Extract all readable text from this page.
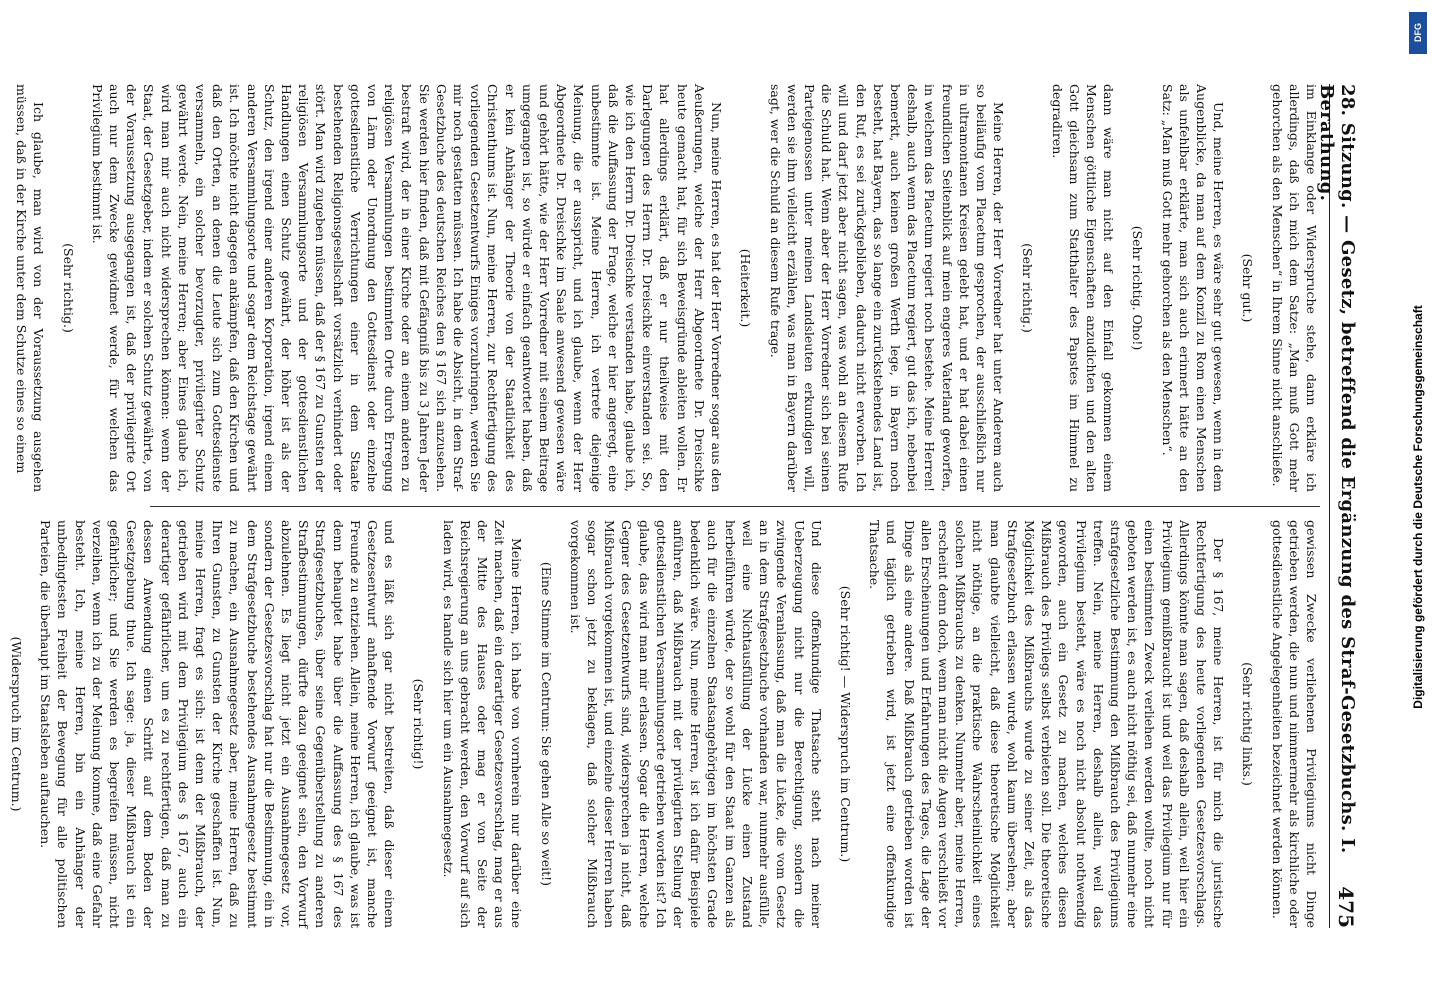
28. Sitzung. — Gesetz, betreffend die Ergänzung des Straf-Gesetzbuchs. I. Berathung.
475

im Einklange oder Widerspruche stehe, dann erkläre ich allerdings, daß ich mich dem Satze: „Man muß Gott mehr gehorchen als den Menschen“ in Ihrem Sinne nicht anschließe.

(Sehr gut.)

Und, meine Herren, es wäre sehr gut gewesen, wenn in dem Augenblicke, da man auf dem Konzil zu Rom einen Menschen als unfehlbar erklärte, man sich auch erinnert hätte an den Satz: „Man muß Gott mehr gehorchen als den Menschen“.

(Sehr richtig. Oho!)

dann wäre man nicht auf den Einfall gekommen einem Menschen göttliche Eigenschaften anzudichten und den alten Gott gleichsam zum Statthalter des Papstes im Himmel zu degradiren.

(Sehr richtig.)

Meine Herren, der Herr Vorredner hat unter Anderem auch so beiläufig vom Placetum gesprochen, der ausschließlich nur in ultramontanen Kreisen gelebt hat, und er hat dabei einen freundlichen Seitenblick auf mein engeres Vaterland geworfen, in welchem das Placetum regiert noch bestehe. Meine Herren! deshalb, auch wenn das Placetum regiert, gut das ich, nebenbei bemerkt, auch keinen großen Werth lege, in Bayern noch besteht, hat Bayern, das so lange ein zurückstehendes Land ist, den Ruf, es sei zurückgeblieben, dadurch nicht erworben. Ich will und darf jetzt aber nicht sagen, was wohl an diesem Rufe die Schuld hat. Wenn aber der Herr Vorredner sich bei seinen Parteigenossen unter meinen Landsleuten erkundigen will, werden sie ihm vielleicht erzählen, was man in Bayern darüber sagt, wer die Schuld an diesem Rufe trage.

(Heiterkeit.)

Nun, meine Herren, es hat der Herr Vorredner sogar aus den Aeußerungen, welche der Herr Abgeordnete Dr. Dreischke heute gemacht hat, für sich Beweisgründe ableiten wollen. Er hat allerdings erklärt, daß er nur theilweise mit den Darlegungen des Herrn Dr. Dreischke einverstanden sei. So, wie ich den Herrn Dr. Dreischke verstanden habe, glaube ich, daß die Auffassung der Frage, welche er hier angeregt, eine unbestimmte ist. Meine Herren, ich vertrete diejenige Meinung, die er ausspricht, und ich glaube, wenn der Herr Abgeordnete Dr. Dreischke im Saale anwesend gewesen wäre und gehört hätte, wie der Herr Vorredner mit seinem Beitrage umgegangen ist, so würde er einfach geantwortet haben, daß er kein Anhänger der Theorie von der Staatlichkeit des Christenthums ist. Nun, meine Herren, zur Rechtfertigung des vorliegenden Gesetzentwurfs Einiges vorzubringen, werden Sie mir noch gestatten müssen. Ich habe die Absicht, in dem Straf-Gesetzbuche des deutschen Reiches den § 167 sich anzusehen. Sie werden hier finden, daß mit Gefängniß bis zu 3 Jahren Jeder bestraft wird, der in einer Kirche oder an einem anderen zu religiösen Versammlungen bestimmten Orte durch Erregung von Lärm oder Unordnung den Gottesdienst oder einzelne gottesdienstliche Verrichtungen einer in dem Staate bestehenden Religionsgesellschaft vorsätzlich verhindert oder stört. Man wird zugeben müssen, daß der § 167 zu Gunsten der religiösen Versammlungsorte und der gottesdienstlichen Handlungen einen Schutz gewährt, der höher ist als der Schutz, den irgend einer anderen Korporation, irgend einem anderen Versammlungsorte und sogar dem Reichstage gewährt ist. Ich möchte nicht dagegen ankämpfen, daß den Kirchen und daß den Orten, an denen die Leute sich zum Gottesdienste versammeln, ein solcher bevorzugter, privilegirter Schutz gewährt werde. Nein, meine Herren; aber Eines glaube ich, wird man mir auch nicht widersprechen können: wenn der Staat, der Gesetzgeber, indem er solchen Schutz gewährte, von der Voraussetzung ausgegangen ist, daß der privilegirte Ort auch nur dem Zwecke gewidmet werde, für welchen das Privilegium bestimmt ist.

(Sehr richtig.)

Ich glaube, man wird von der Voraussetzung ausgehen müssen, daß in der Kirche unter dem Schutze eines so einem

gewissen Zwecke verliehenen Privilegiums nicht Dinge getrieben werden, die nun und nimmermehr als kirchliche oder gottesdienstliche Angelegenheiten bezeichnet werden können.

(Sehr richtig links.)

Der § 167, meine Herren, ist für mich die juristische Rechtfertigung des heute vorliegenden Gesetzesvorschlags. Allerdings könnte man sagen, daß deshalb allein, weil hier ein Privilegium gemißbraucht ist und weil das Privilegium nur für einen bestimmten Zweck verliehen werden wollte, noch nicht geboten werden ist, es auch nicht nöthig sei, daß nunmehr eine strafgesetzliche Bestimmung den Mißbrauch des Privilegiums treffen. Nein, meine Herren, deshalb allein, weil das Privilegium besteht, wäre es noch nicht absolut nothwendig geworden, auch ein Gesetz zu machen, welches diesen Mißbrauch des Privilegs selbst verbieten soll. Die theoretische Möglichkeit des Mißbrauchs wurde zu seiner Zeit, als das Strafgesetzbuch erlassen wurde, wohl kaum übersehen; aber man glaubte vielleicht, daß diese theoretische Möglichkeit nicht nöthige, an die praktische Wahrscheinlichkeit eines solchen Mißbrauchs zu denken. Nunmehr aber, meine Herren, erscheint denn doch, wenn man nicht die Augen verschließt vor allen Erscheinungen und Erfahrungen des Tages, die Lage der Dinge als eine andere. Daß Mißbrauch getrieben worden ist und täglich getrieben wird, ist jetzt eine offenkundige Thatsache.

(Sehr richtig! — Widerspruch im Centrum.)

Und diese offenkundige Thatsache steht nach meiner Ueberzeugung nicht nur die Berechtigung, sondern die zwingende Veranlassung, daß man die Lücke, die vom Gesetz an in dem Strafgesetzbuche vorhanden war, nunmehr ausfülle, weil eine Nichtausfüllung der Lücke einen Zustand herbeiführen würde, der so wohl für den Staat im Ganzen als auch für die einzelnen Staatsangehörigen im höchsten Grade bedenklich wäre. Nun, meine Herren, ist ich dafür Beispiele anführen, daß Mißbrauch mit der privilegirten Stellung der gottesdienstlichen Versammlungsorte getrieben worden ist? Ich glaube, das wird man mir erlassen. Sogar die Herren, welche Gegner des Gesetzentwurfs sind, widersprechen ja nicht, daß Mißbrauch vorgekommen ist, und einzelne dieser Herren haben sogar schon jetzt zu beklagen, daß solcher Mißbrauch vorgekommen ist.

(Eine Stimme im Centrum: Sie gehen Alle so weit!)

Meine Herren, ich habe von vornherein nur darüber eine Zeit machen, daß ein derartiger Gesetzesvorschlag, mag er aus der Mitte des Hauses oder mag er von Seite der Reichsregierung an uns gebracht werden, den Vorwurf auf sich laden wird, es handle sich hier um ein Ausnahmegesetz.

(Sehr richtig!)

und es läßt sich gar nicht bestreiten, daß dieser einem Gesetzesentwurf anhaftende Vorwurf geeignet ist, manche Freunde zu entziehen. Allein, meine Herren, ich glaube, was ist denn behauptet habe über die Auffassung des § 167 des Strafgesetzbuches, über seine Gegenüberstellung zu anderen Strafbestimmungen, dürfte dazu geeignet sein, den Vorwurf abzulehnen. Es liegt nicht jetzt ein Ausnahmegesetz vor, sondern der Gesetzesvorschlag hat nur die Bestimmung, ein in dem Strafgesetzbuche bestehendes Ausnahmegesetz bestimmt zu machen, ein Ausnahmegesetz aber, meine Herren, daß zu Ihren Gunsten, zu Gunsten der Kirche geschaffen ist. Nun, meine Herren, fragt es sich: ist denn der Mißbrauch, der getrieben wird mit dem Privilegium des § 167, auch ein derartiger gefährlicher, um es zu rechtfertigen, daß man zu dessen Anwendung einen Schritt auf dem Boden der Gesetzgebung thue. Ich sage: ja, dieser Mißbrauch ist ein gefährlicher; und Sie werden es begreifen müssen, nicht verzeihen, wenn ich zu der Meinung komme, daß eine Gefahr besteht. Ich, meine Herren, bin ein Anhänger der unbedingtesten Freiheit der Bewegung für alle politischen Parteien, die überhaupt im Staatsleben auftauchen.

(Widerspruch im Centrum.)

Digitalisierung gefördert durch die Deutsche Forschungsgemeinschaft
DFG
